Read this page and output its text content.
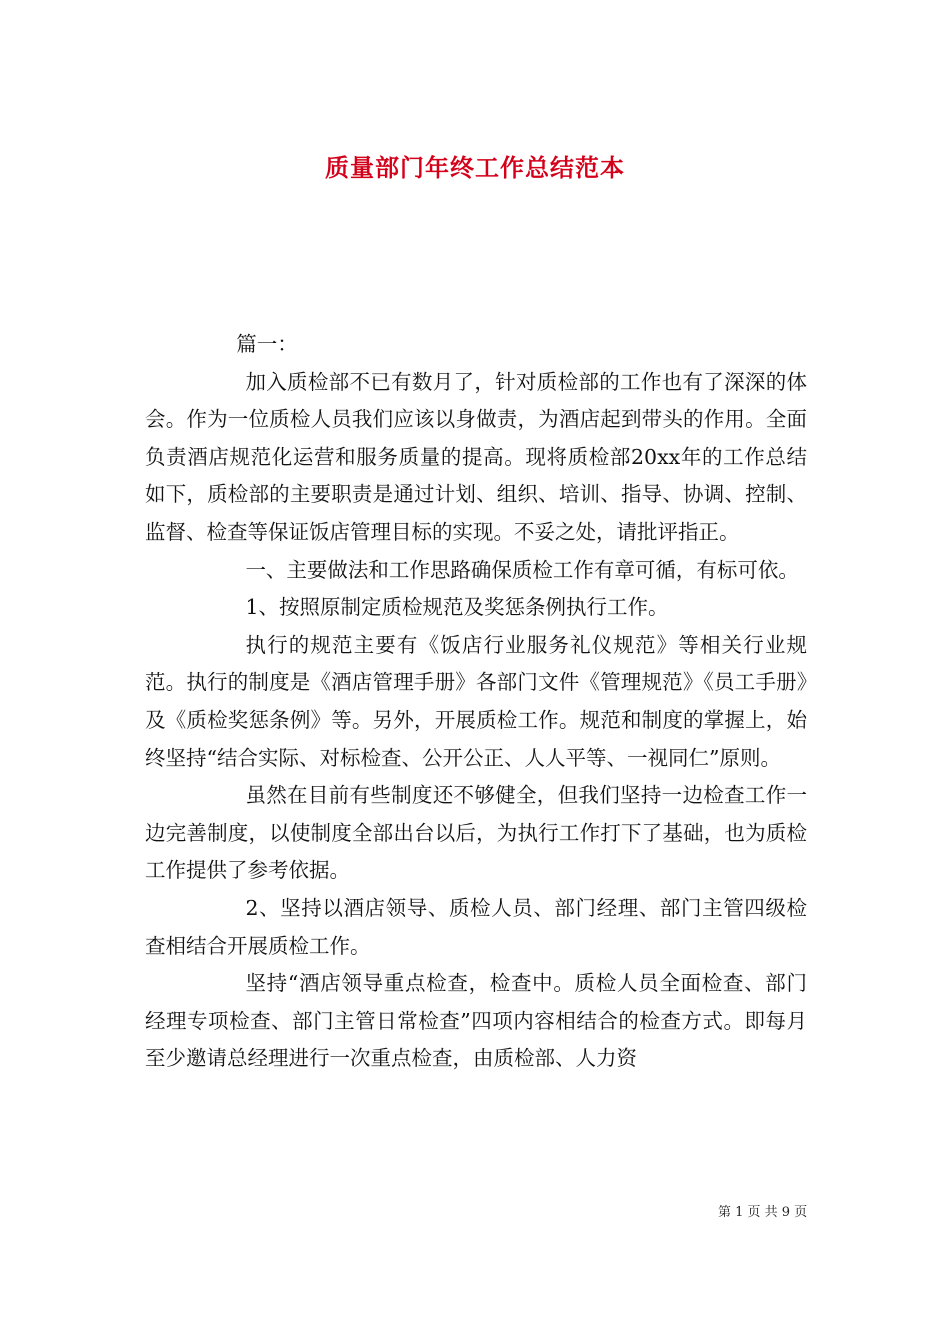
质量部门年终工作总结范本

篇一：

加入质检部不已有数月了，针对质检部的工作也有了深深的体会。作为一位质检人员我们应该以身做责，为酒店起到带头的作用。全面负责酒店规范化运营和服务质量的提高。现将质检部20xx年的工作总结如下，质检部的主要职责是通过计划、组织、培训、指导、协调、控制、监督、检查等保证饭店管理目标的实现。不妥之处，请批评指正。

一、主要做法和工作思路确保质检工作有章可循，有标可依。

1、按照原制定质检规范及奖惩条例执行工作。

执行的规范主要有《饭店行业服务礼仪规范》等相关行业规范。执行的制度是《酒店管理手册》各部门文件《管理规范》《员工手册》及《质检奖惩条例》等。另外，开展质检工作。规范和制度的掌握上，始终坚持“结合实际、对标检查、公开公正、人人平等、一视同仁”原则。

虽然在目前有些制度还不够健全，但我们坚持一边检查工作一边完善制度，以使制度全部出台以后，为执行工作打下了基础，也为质检工作提供了参考依据。

2、坚持以酒店领导、质检人员、部门经理、部门主管四级检查相结合开展质检工作。

坚持“酒店领导重点检查，检查中。质检人员全面检查、部门经理专项检查、部门主管日常检查”四项内容相结合的检查方式。即每月至少邀请总经理进行一次重点检查，由质检部、人力资

第 1 页 共 9 页
